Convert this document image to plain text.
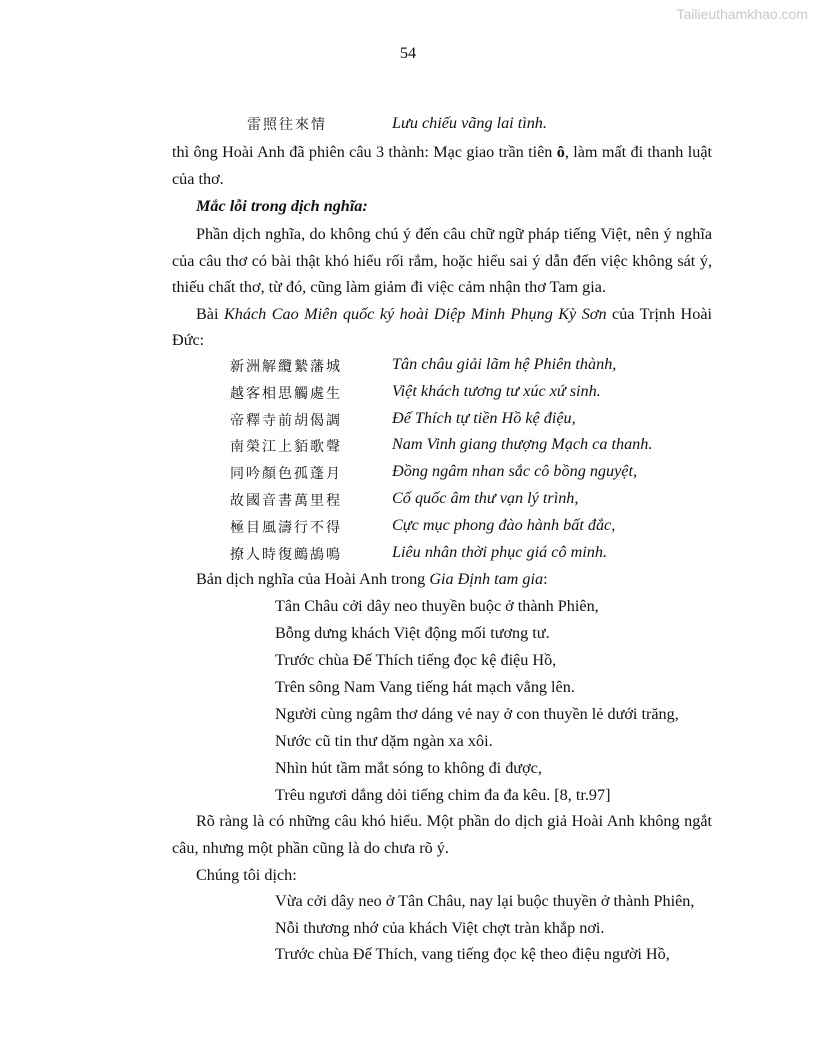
Tailieuthamkhao.com
54
雷照往來情	Lưu chiếu vãng lai tình.
thì ông Hoài Anh đã phiên câu 3 thành: Mạc giao trần tiên ô, làm mất đi thanh luật
của thơ.
Mắc lỗi trong dịch nghĩa:
Phần dịch nghĩa, do không chú ý đến câu chữ ngữ pháp tiếng Việt, nên ý nghĩa
của câu thơ có bài thật khó hiểu rối rắm, hoặc hiểu sai ý dẫn đến việc không sát ý,
thiếu chất thơ, từ đó, cũng làm giảm đi việc cảm nhận thơ Tam gia.
Bài Khách Cao Miên quốc ký hoài Diệp Minh Phụng Kỳ Sơn của Trịnh Hoài
Đức:
Bản dịch nghĩa của Hoài Anh trong Gia Định tam gia:
Rõ ràng là có những câu khó hiểu. Một phần do dịch giả Hoài Anh không ngắt
câu, nhưng một phần cũng là do chưa rõ ý.
Chúng tôi dịch:
新洲解纜縶藩城	Tân châu giải lãm hệ Phiên thành,
越客相思觸處生	Việt khách tương tư xúc xứ sinh.
帝釋寺前胡偈調	Đế Thích tự tiền Hồ kệ điệu,
南榮江上貊歌聲	Nam Vinh giang thượng Mạch ca thanh.
同吟顏色孤蓬月	Đồng ngâm nhan sắc cô bồng nguyệt,
故國音書萬里程	Cố quốc âm thư vạn lý trình,
極目風濤行不得	Cực mục phong đào hành bất đắc,
撩人時復鷓鴣鳴	Liêu nhân thời phục giá cô minh.
Tân Châu cởi dây neo thuyền buộc ở thành Phiên,
Bỗng dưng khách Việt động mối tương tư.
Trước chùa Đế Thích tiếng đọc kệ điệu Hồ,
Trên sông Nam Vang tiếng hát mạch vẳng lên.
Người cùng ngâm thơ dáng vẻ nay ở con thuyền lẻ dưới trăng,
Nước cũ tin thư dặm ngàn xa xôi.
Nhìn hút tầm mắt sóng to không đi được,
Trêu ngươi dắng dỏi tiếng chim đa đa kêu. [8, tr.97]
Vừa cởi dây neo ở Tân Châu, nay lại buộc thuyền ở thành Phiên,
Nỗi thương nhớ của khách Việt chợt tràn khắp nơi.
Trước chùa Đế Thích, vang tiếng đọc kệ theo điệu người Hồ,
